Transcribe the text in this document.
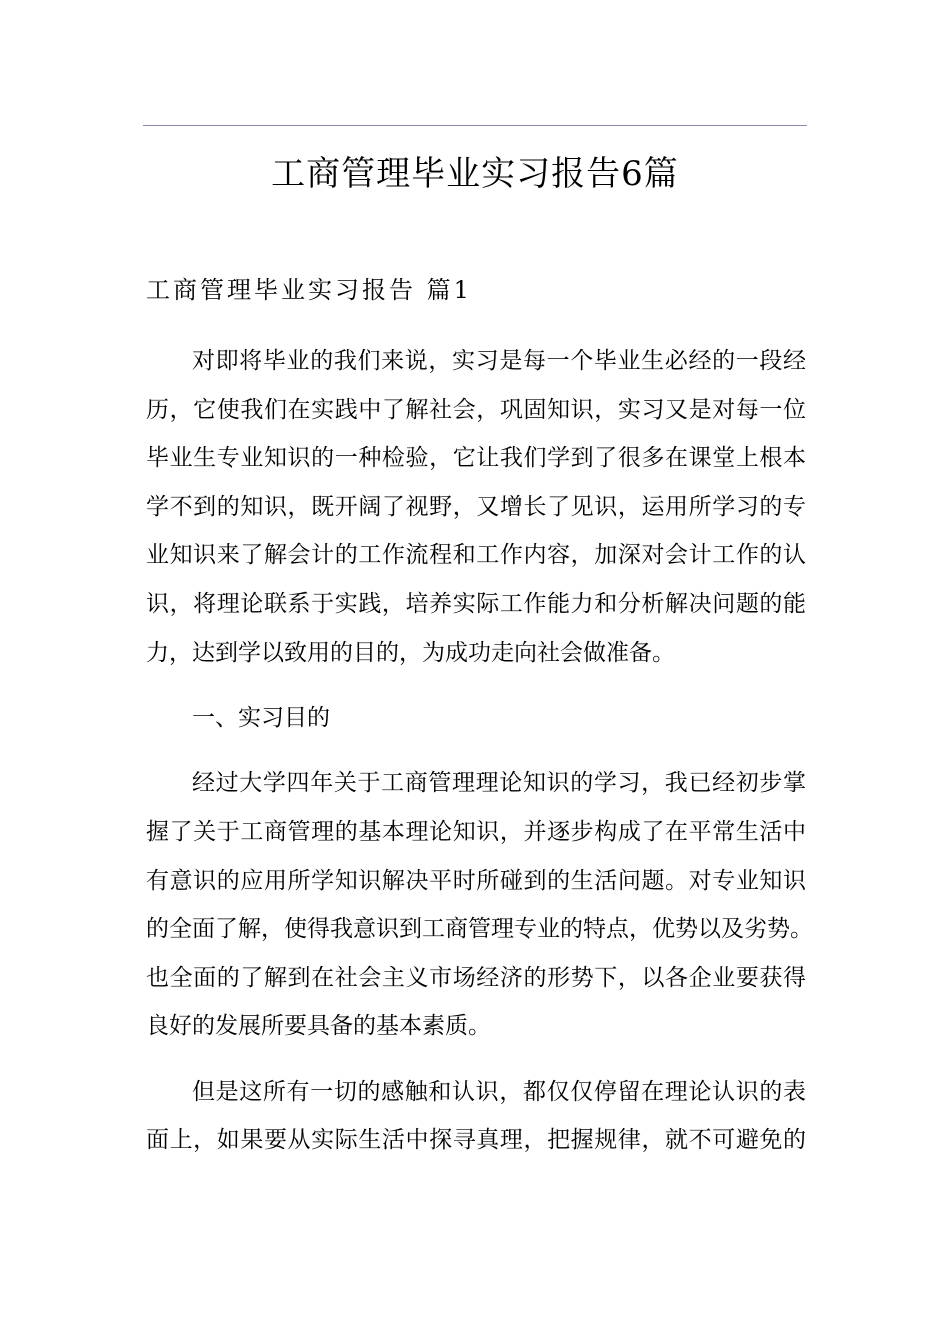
工商管理毕业实习报告6篇
工商管理毕业实习报告 篇1

对即将毕业的我们来说，实习是每一个毕业生必经的一段经
历，它使我们在实践中了解社会，巩固知识，实习又是对每一位
毕业生专业知识的一种检验，它让我们学到了很多在课堂上根本
学不到的知识，既开阔了视野，又增长了见识，运用所学习的专
业知识来了解会计的工作流程和工作内容，加深对会计工作的认
识，将理论联系于实践，培养实际工作能力和分析解决问题的能
力，达到学以致用的目的，为成功走向社会做准备。

一、实习目的

经过大学四年关于工商管理理论知识的学习，我已经初步掌
握了关于工商管理的基本理论知识，并逐步构成了在平常生活中
有意识的应用所学知识解决平时所碰到的生活问题。对专业知识
的全面了解，使得我意识到工商管理专业的特点，优势以及劣势。
也全面的了解到在社会主义市场经济的形势下，以各企业要获得
良好的发展所要具备的基本素质。

但是这所有一切的感触和认识，都仅仅停留在理论认识的表
面上，如果要从实际生活中探寻真理，把握规律，就不可避免的
